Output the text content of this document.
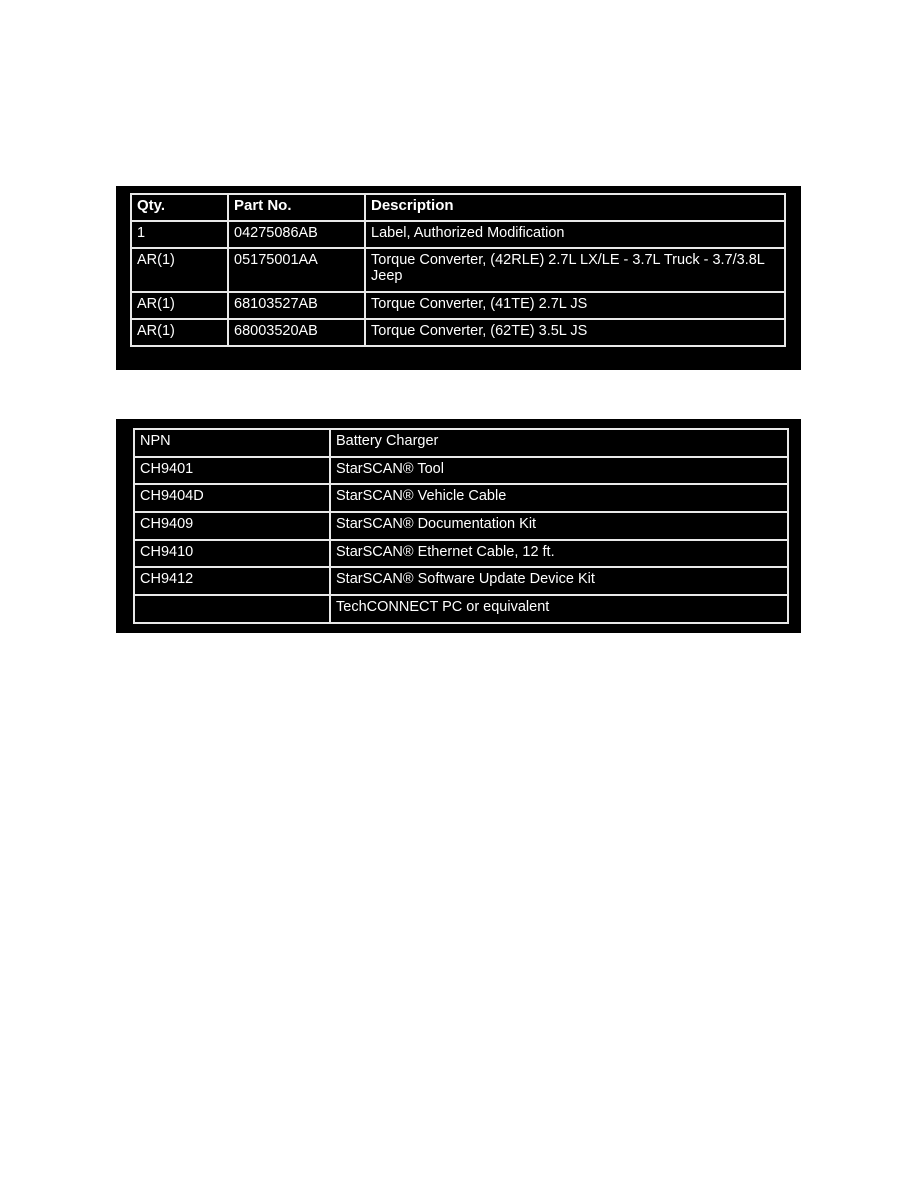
Qty.	Part No.	Description
1	04275086AB	Label, Authorized Modification
AR(1)	05175001AA	Torque Converter, (42RLE) 2.7L LX/LE - 3.7L Truck - 3.7/3.8L Jeep
AR(1)	68103527AB	Torque Converter, (41TE) 2.7L JS
AR(1)	68003520AB	Torque Converter, (62TE) 3.5L JS
NPN	Battery Charger
CH9401	StarSCAN® Tool
CH9404D	StarSCAN® Vehicle Cable
CH9409	StarSCAN® Documentation Kit
CH9410	StarSCAN® Ethernet Cable, 12 ft.
CH9412	StarSCAN® Software Update Device Kit
	TechCONNECT PC or equivalent
